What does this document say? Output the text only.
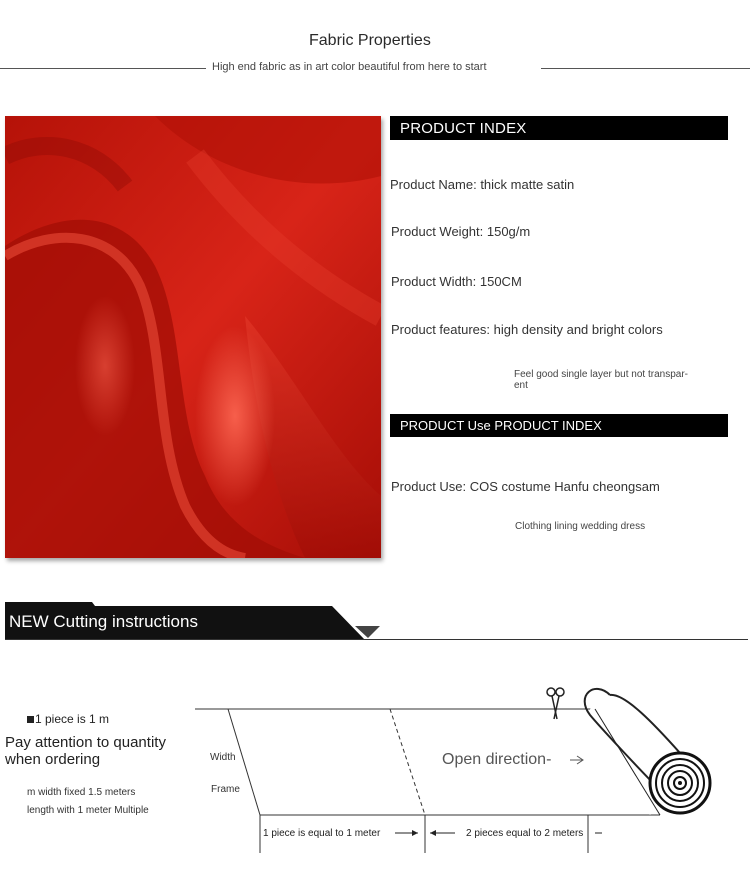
Fabric Properties
High end fabric as in art color beautiful from here to start
PRODUCT INDEX
Product Name: thick matte satin
Product Weight: 150g/m
Product Width: 150CM
Product features: high density and bright colors
Feel good single layer but not transpar-
ent
PRODUCT Use PRODUCT INDEX
Product Use: COS costume Hanfu cheongsam
Clothing lining wedding dress
NEW Cutting instructions
1 piece is 1 m
Pay attention to quantity when ordering
m width fixed 1.5 meters
length with 1 meter Multiple
Width
Frame
Open direction-
1 piece is equal to 1 meter	2 pieces equal to 2 meters
